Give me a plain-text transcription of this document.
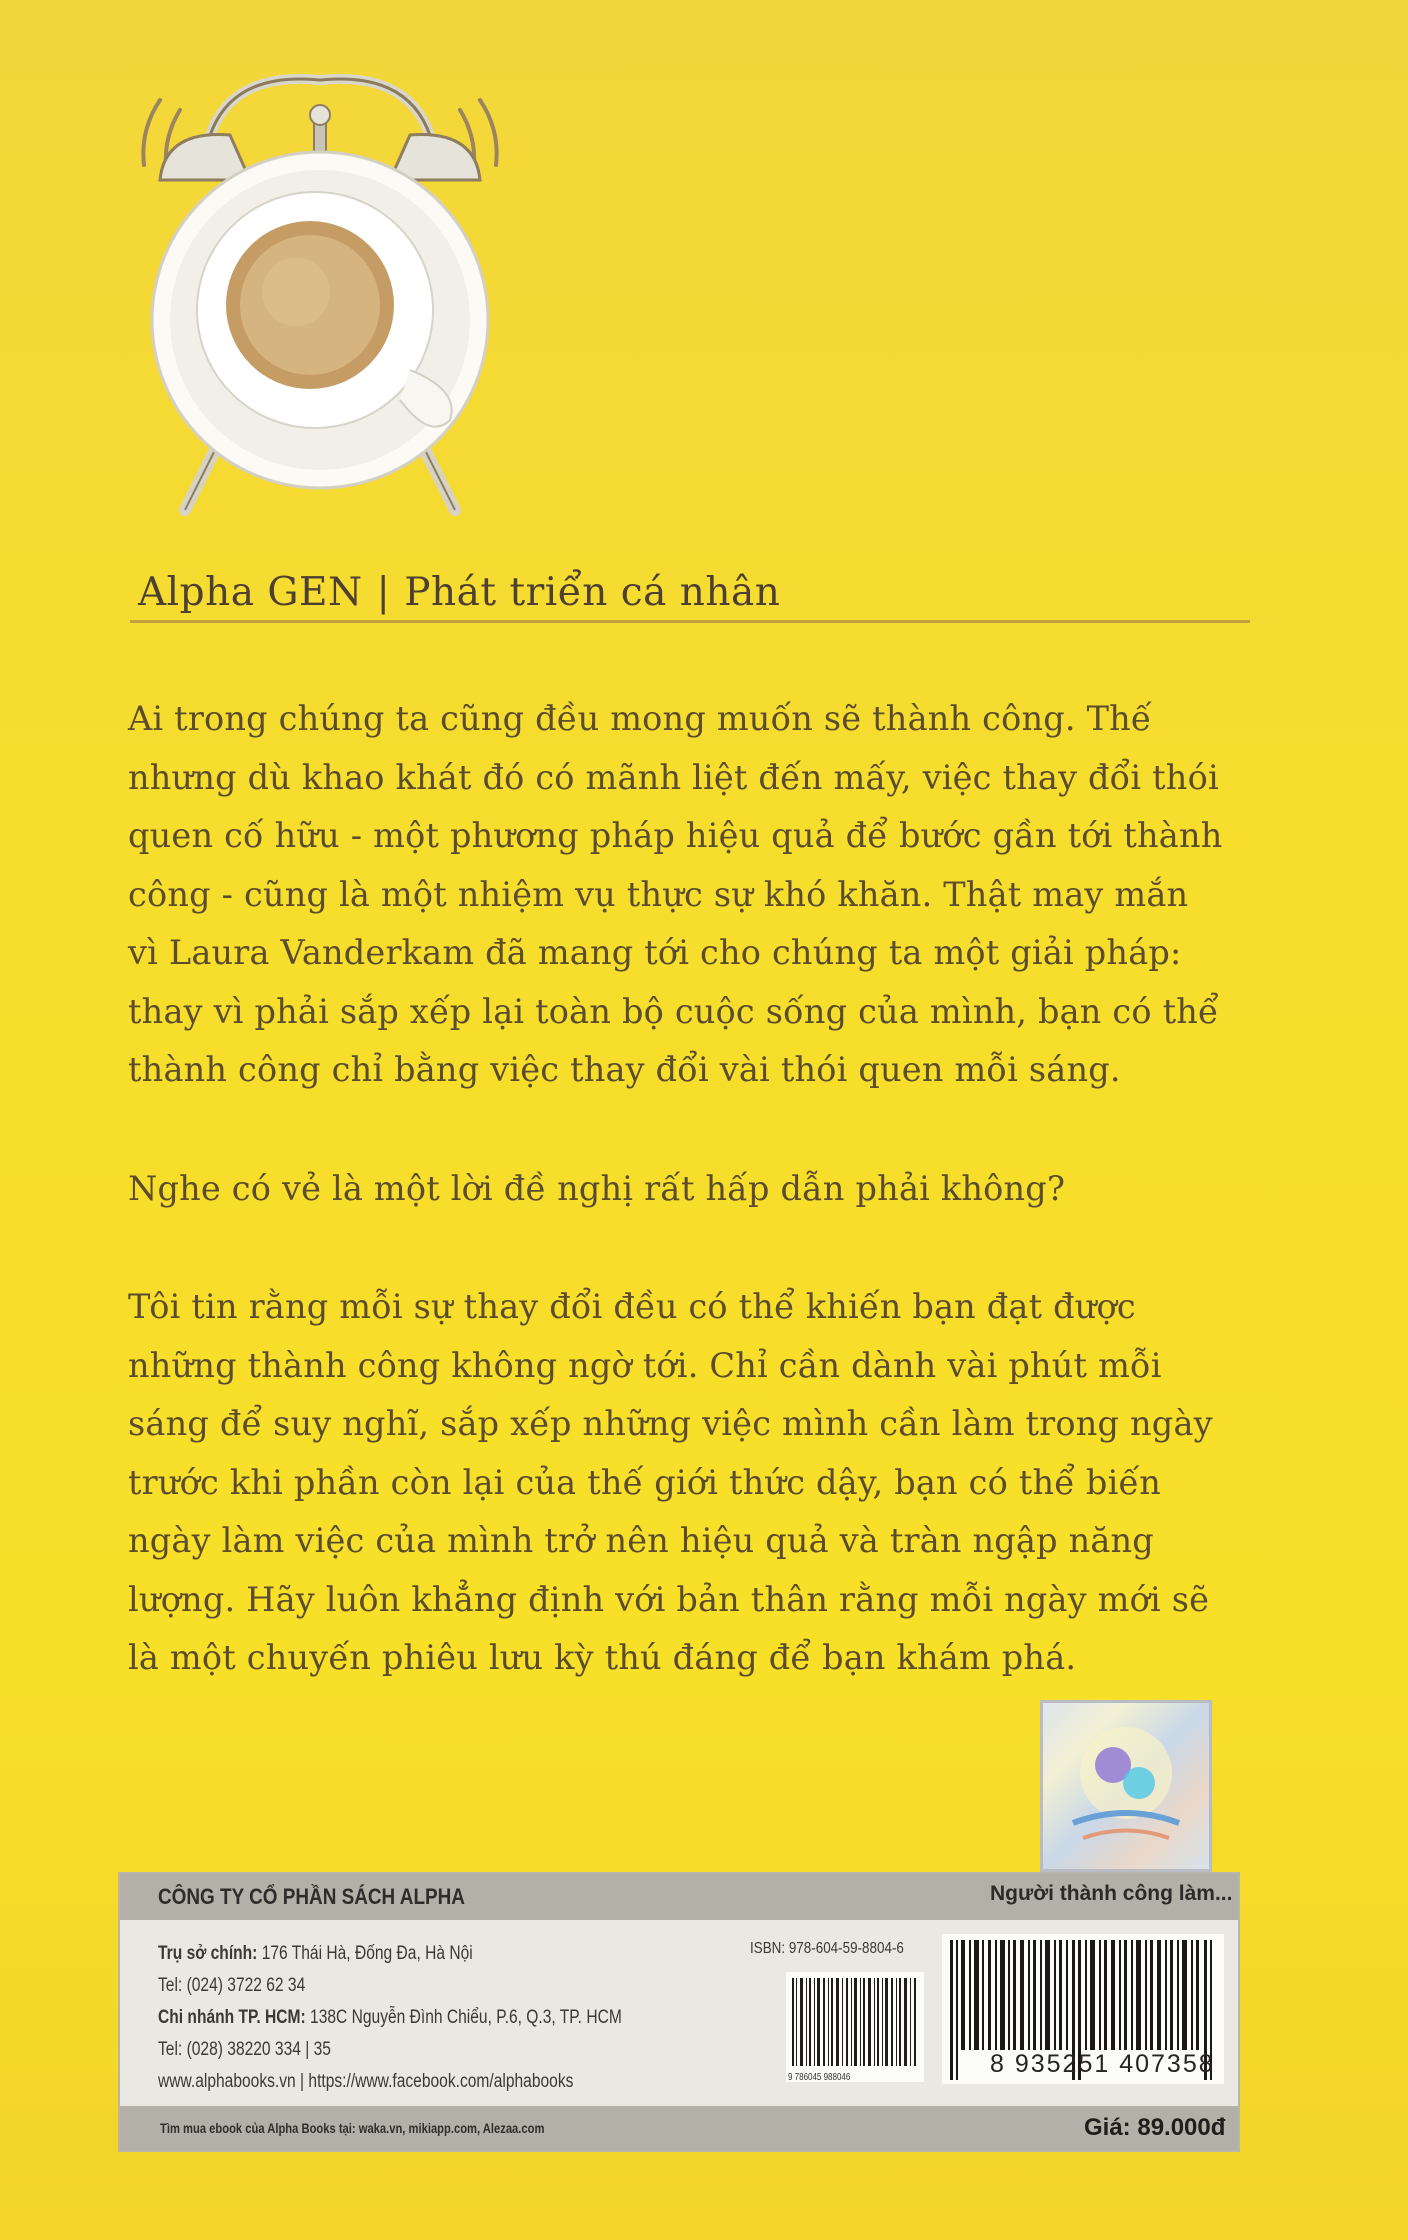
Alpha GEN | Phát triển cá nhân

Ai trong chúng ta cũng đều mong muốn sẽ thành công. Thế

nhưng dù khao khát đó có mãnh liệt đến mấy, việc thay đổi thói

quen cố hữu - một phương pháp hiệu quả để bước gần tới thành

công - cũng là một nhiệm vụ thực sự khó khăn. Thật may mắn

vì Laura Vanderkam đã mang tới cho chúng ta một giải pháp:

thay vì phải sắp xếp lại toàn bộ cuộc sống của mình, bạn có thể

thành công chỉ bằng việc thay đổi vài thói quen mỗi sáng.

Nghe có vẻ là một lời đề nghị rất hấp dẫn phải không?

Tôi tin rằng mỗi sự thay đổi đều có thể khiến bạn đạt được

những thành công không ngờ tới. Chỉ cần dành vài phút mỗi

sáng để suy nghĩ, sắp xếp những việc mình cần làm trong ngày

trước khi phần còn lại của thế giới thức dậy, bạn có thể biến

ngày làm việc của mình trở nên hiệu quả và tràn ngập năng

lượng. Hãy luôn khẳng định với bản thân rằng mỗi ngày mới sẽ

là một chuyến phiêu lưu kỳ thú đáng để bạn khám phá.

CÔNG TY CỔ PHẦN SÁCH ALPHA	Người thành công làm...
Trụ sở chính: 176 Thái Hà, Đống Đa, Hà Nội
Tel: (024) 3722 62 34
Chi nhánh TP. HCM: 138C Nguyễn Đình Chiểu, P.6, Q.3, TP. HCM
Tel: (028) 38220 334 | 35
www.alphabooks.vn | https://www.facebook.com/alphabooks
ISBN: 978-604-59-8804-6
9 786045 988046	8 935251 407358
Tìm mua ebook của Alpha Books tại: waka.vn, mikiapp.com, Alezaa.com	Giá: 89.000đ
